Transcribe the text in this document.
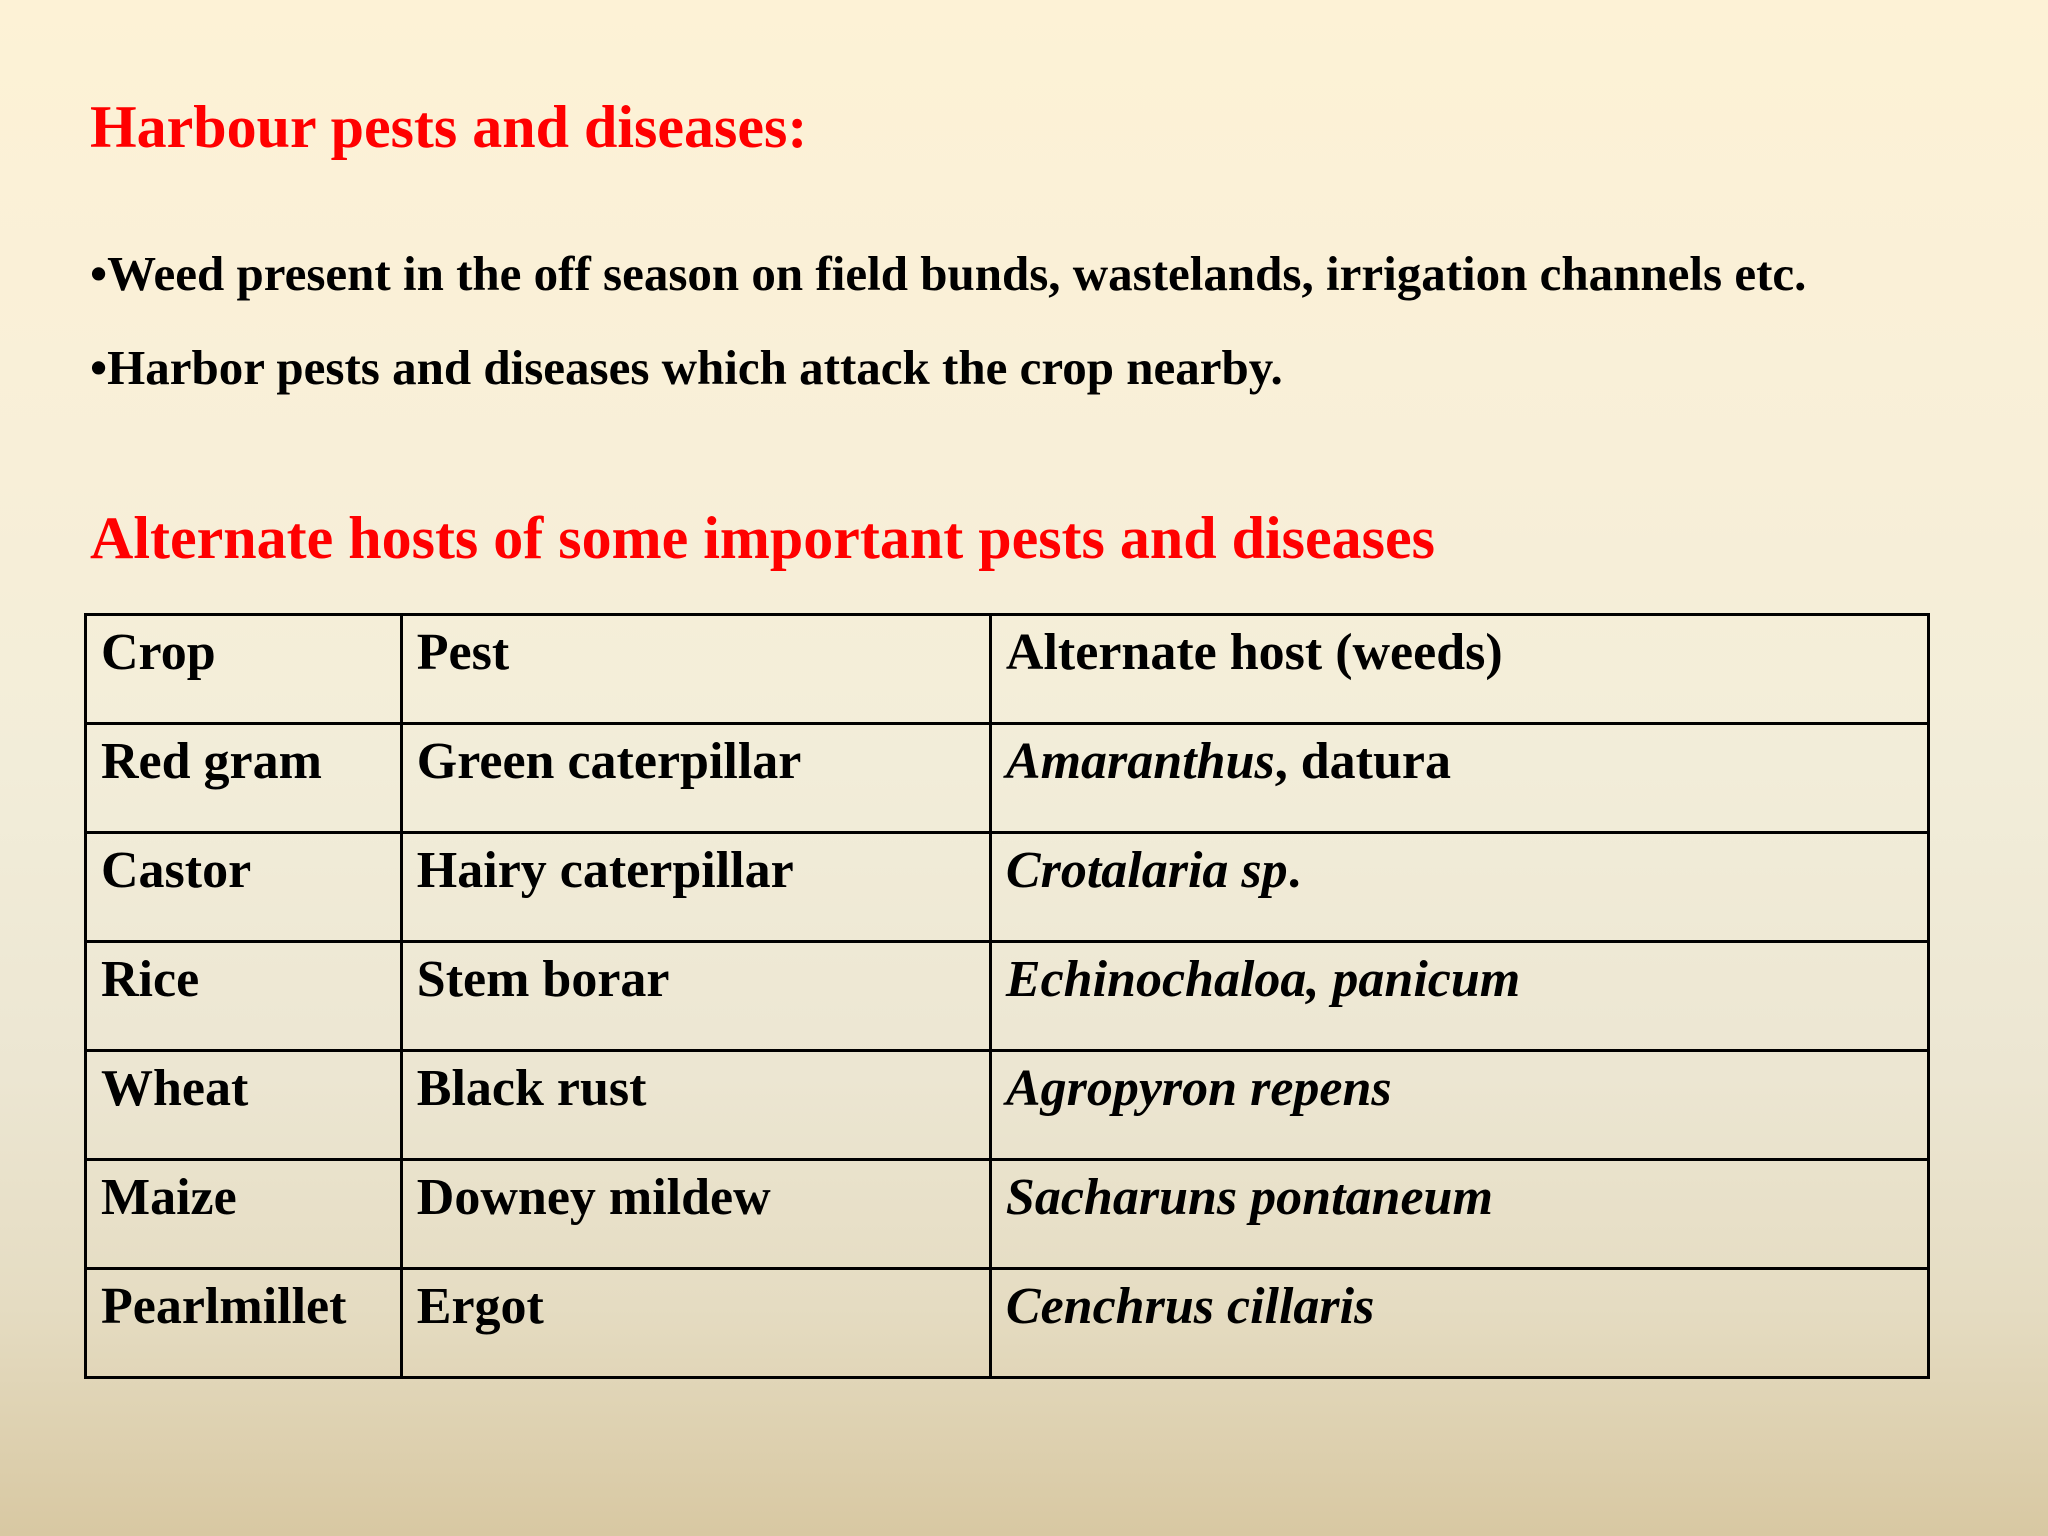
Harbour pests and diseases:
•Weed present in the off season on field bunds, wastelands, irrigation channels etc.
•Harbor pests and diseases which attack the crop nearby.
Alternate hosts of some important pests and diseases
Crop	Pest	Alternate host (weeds)
Red gram	Green caterpillar	Amaranthus, datura
Castor	Hairy caterpillar	Crotalaria sp.
Rice	Stem borar	Echinochaloa, panicum
Wheat	Black rust	Agropyron repens
Maize	Downey mildew	Sacharuns pontaneum
Pearlmillet	Ergot	Cenchrus cillaris
